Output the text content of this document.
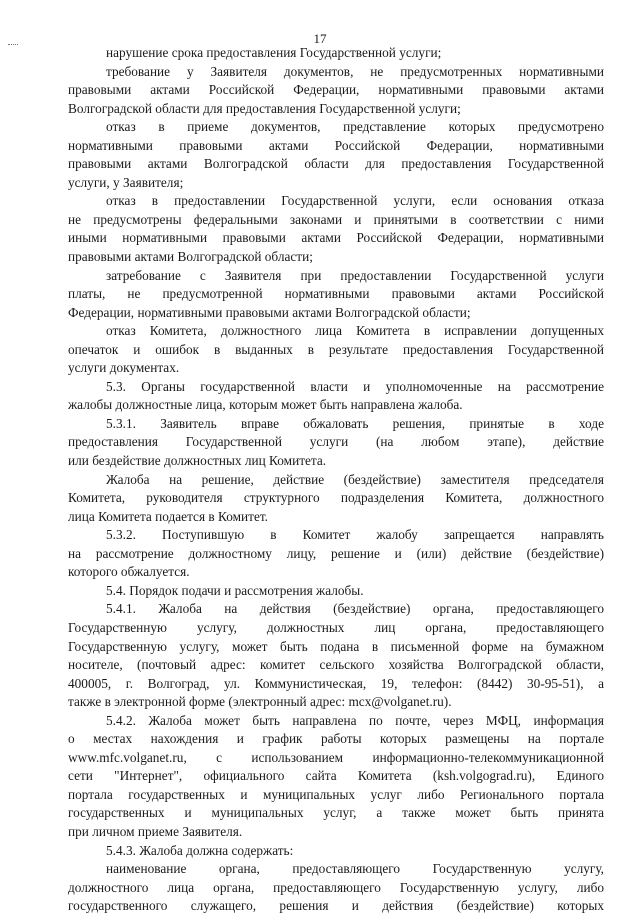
17
нарушение срока предоставления Государственной услуги;
требование у Заявителя документов, не предусмотренных нормативными
правовыми актами Российской Федерации, нормативными правовыми актами
Волгоградской области для предоставления Государственной услуги;
отказ в приеме документов, представление которых предусмотрено
нормативными правовыми актами Российской Федерации, нормативными
правовыми актами Волгоградской области для предоставления Государственной
услуги, у Заявителя;
отказ в предоставлении Государственной услуги, если основания отказа
не предусмотрены федеральными законами и принятыми в соответствии с ними
иными нормативными правовыми актами Российской Федерации, нормативными
правовыми актами Волгоградской области;
затребование с Заявителя при предоставлении Государственной услуги
платы, не предусмотренной нормативными правовыми актами Российской
Федерации, нормативными правовыми актами Волгоградской области;
отказ Комитета, должностного лица Комитета в исправлении допущенных
опечаток и ошибок в выданных в результате предоставления Государственной
услуги документах.
5.3. Органы государственной власти и уполномоченные на рассмотрение
жалобы должностные лица, которым может быть направлена жалоба.
5.3.1. Заявитель вправе обжаловать решения, принятые в ходе
предоставления Государственной услуги (на любом этапе), действие
или бездействие должностных лиц Комитета.
Жалоба на решение, действие (бездействие) заместителя председателя
Комитета, руководителя структурного подразделения Комитета, должностного
лица Комитета подается в Комитет.
5.3.2. Поступившую в Комитет жалобу запрещается направлять
на рассмотрение должностному лицу, решение и (или) действие (бездействие)
которого обжалуется.
5.4. Порядок подачи и рассмотрения жалобы.
5.4.1. Жалоба на действия (бездействие) органа, предоставляющего
Государственную услугу, должностных лиц органа, предоставляющего
Государственную услугу, может быть подана в письменной форме на бумажном
носителе, (почтовый адрес: комитет сельского хозяйства Волгоградской области,
400005, г. Волгоград, ул. Коммунистическая, 19, телефон: (8442) 30-95-51), а
также в электронной форме (электронный адрес: mcx@volganet.ru).
5.4.2. Жалоба может быть направлена по почте, через МФЦ, информация
о местах нахождения и график работы которых размещены на портале
www.mfc.volganet.ru, с использованием информационно-телекоммуникационной
сети "Интернет", официального сайта Комитета (ksh.volgograd.ru), Единого
портала государственных и муниципальных услуг либо Регионального портала
государственных и муниципальных услуг, а также может быть принята
при личном приеме Заявителя.
5.4.3. Жалоба должна содержать:
наименование органа, предоставляющего Государственную услугу,
должностного лица органа, предоставляющего Государственную услугу, либо
государственного служащего, решения и действия (бездействие) которых
